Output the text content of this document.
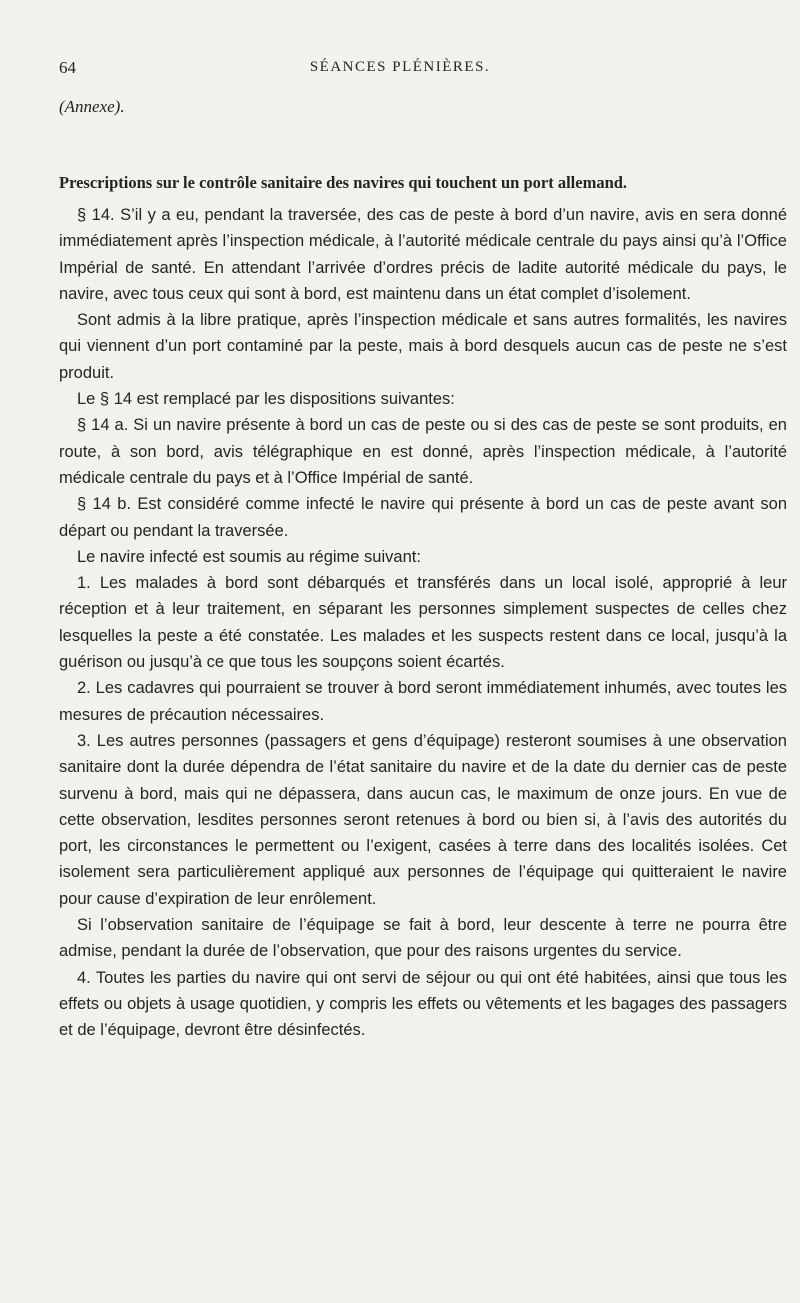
64	SÉANCES PLÉNIÈRES.
(Annexe).
Prescriptions sur le contrôle sanitaire des navires qui touchent un port allemand.

§ 14. S’il y a eu, pendant la traversée, des cas de peste à bord d’un navire, avis en sera donné immédiatement après l’inspection médicale, à l’autorité médicale centrale du pays ainsi qu’à l’Office Impérial de santé. En attendant l’arrivée d’ordres précis de ladite autorité médicale du pays, le navire, avec tous ceux qui sont à bord, est maintenu dans un état complet d’isolement.

Sont admis à la libre pratique, après l’inspection médicale et sans autres formalités, les navires qui viennent d’un port contaminé par la peste, mais à bord desquels aucun cas de peste ne s’est produit.

Le § 14 est remplacé par les dispositions suivantes:

§ 14 a. Si un navire présente à bord un cas de peste ou si des cas de peste se sont produits, en route, à son bord, avis télégraphique en est donné, après l’inspection médicale, à l’autorité médicale centrale du pays et à l’Office Impérial de santé.

§ 14 b. Est considéré comme infecté le navire qui présente à bord un cas de peste avant son départ ou pendant la traversée.

Le navire infecté est soumis au régime suivant:

1. Les malades à bord sont débarqués et transférés dans un local isolé, approprié à leur réception et à leur traitement, en séparant les personnes simplement suspectes de celles chez lesquelles la peste a été constatée. Les malades et les suspects restent dans ce local, jusqu’à la guérison ou jusqu’à ce que tous les soupçons soient écartés.

2. Les cadavres qui pourraient se trouver à bord seront immédiatement inhumés, avec toutes les mesures de précaution nécessaires.

3. Les autres personnes (passagers et gens d’équipage) resteront soumises à une observation sanitaire dont la durée dépendra de l’état sanitaire du navire et de la date du dernier cas de peste survenu à bord, mais qui ne dépassera, dans aucun cas, le maximum de onze jours. En vue de cette observation, lesdites personnes seront retenues à bord ou bien si, à l’avis des autorités du port, les circonstances le permettent ou l’exigent, casées à terre dans des localités isolées. Cet isolement sera particulièrement appliqué aux personnes de l’équipage qui quitteraient le navire pour cause d’expiration de leur enrôlement.

Si l’observation sanitaire de l’équipage se fait à bord, leur descente à terre ne pourra être admise, pendant la durée de l’observation, que pour des raisons urgentes du service.

4. Toutes les parties du navire qui ont servi de séjour ou qui ont été habitées, ainsi que tous les effets ou objets à usage quotidien, y compris les effets ou vêtements et les bagages des passagers et de l’équipage, devront être désinfectés.
